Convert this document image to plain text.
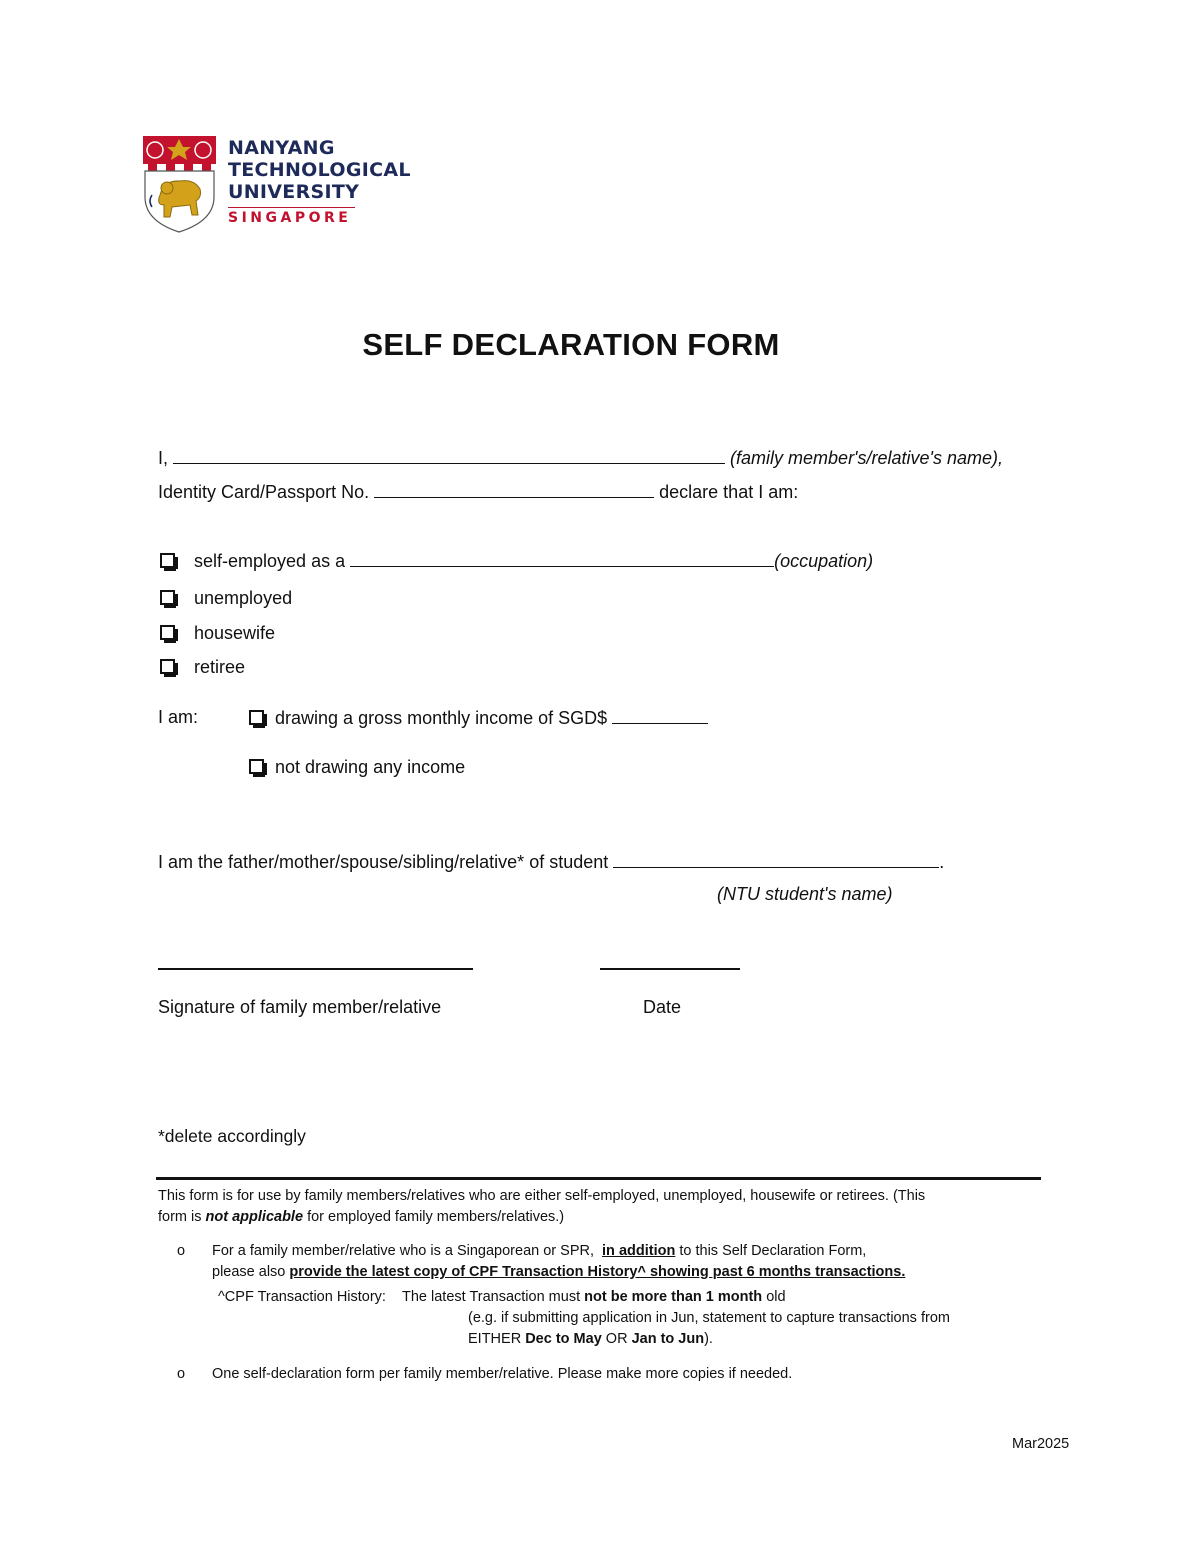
NANYANG
TECHNOLOGICAL
UNIVERSITY
SINGAPORE
SELF DECLARATION FORM
I,	(family member's/relative's name),
Identity Card/Passport No.	declare that I am:
self-employed as a	(occupation)
unemployed
housewife
retiree
I am:	drawing a gross monthly income of SGD$
not drawing any income
I am the father/mother/spouse/sibling/relative* of student	.
(NTU student's name)
Signature of family member/relative	Date
*delete accordingly
This form is for use by family members/relatives who are either self-employed, unemployed, housewife or retirees. (This
form is not applicable for employed family members/relatives.)
o For a family member/relative who is a Singaporean or SPR, in addition to this Self Declaration Form,
please also provide the latest copy of CPF Transaction History^ showing past 6 months transactions.
^CPF Transaction History: The latest Transaction must not be more than 1 month old
(e.g. if submitting application in Jun, statement to capture transactions from
EITHER Dec to May OR Jan to Jun).
o One self-declaration form per family member/relative. Please make more copies if needed.
Mar2025
